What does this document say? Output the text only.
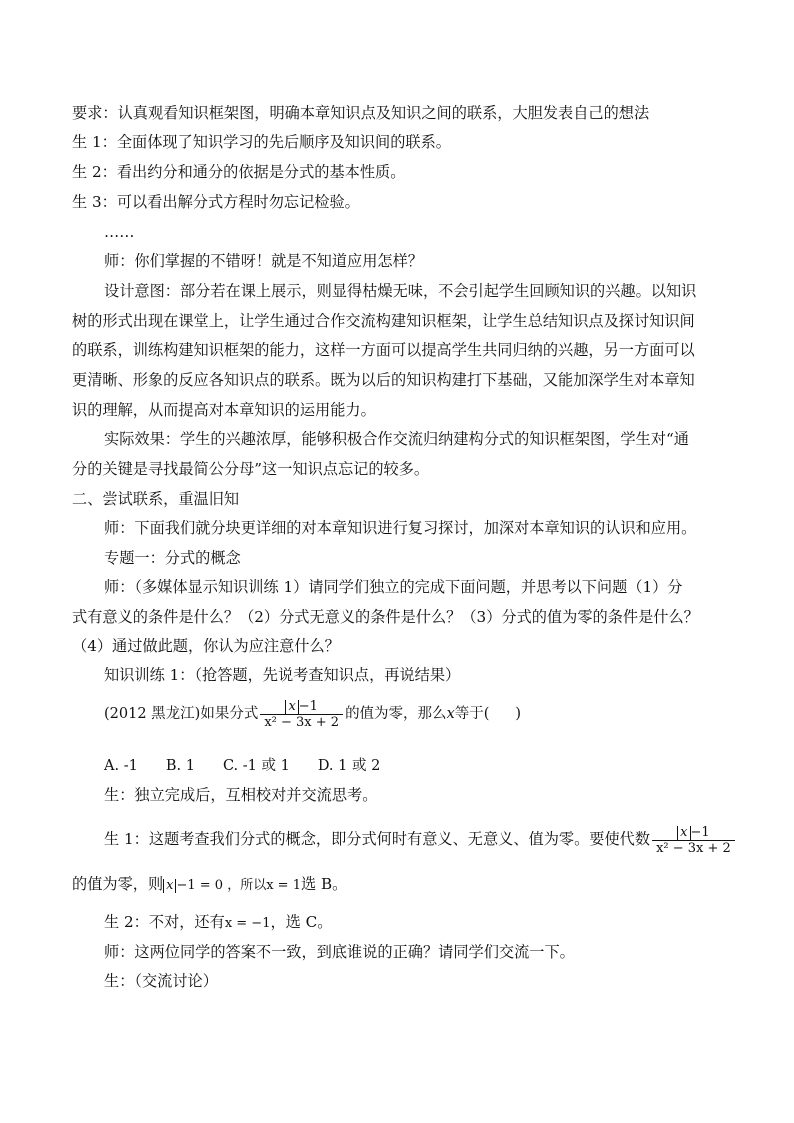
要求：认真观看知识框架图，明确本章知识点及知识之间的联系，大胆发表自己的想法
生 1：全面体现了知识学习的先后顺序及知识间的联系。
生 2：看出约分和通分的依据是分式的基本性质。
生 3：可以看出解分式方程时勿忘记检验。
……
师：你们掌握的不错呀！就是不知道应用怎样？
设计意图：部分若在课上展示，则显得枯燥无味，不会引起学生回顾知识的兴趣。以知识
树的形式出现在课堂上，让学生通过合作交流构建知识框架，让学生总结知识点及探讨知识间
的联系，训练构建知识框架的能力，这样一方面可以提高学生共同归纳的兴趣，另一方面可以
更清晰、形象的反应各知识点的联系。既为以后的知识构建打下基础，又能加深学生对本章知
识的理解，从而提高对本章知识的运用能力。
实际效果：学生的兴趣浓厚，能够积极合作交流归纳建构分式的知识框架图，学生对“通
分的关键是寻找最简公分母”这一知识点忘记的较多。
二、尝试联系，重温旧知
师：下面我们就分块更详细的对本章知识进行复习探讨，加深对本章知识的认识和应用。
专题一：分式的概念
师：（多媒体显示知识训练 1）请同学们独立的完成下面问题，并思考以下问题（1）分
式有意义的条件是什么？（2）分式无意义的条件是什么？（3）分式的值为零的条件是什么？
（4）通过做此题，你认为应注意什么？
知识训练 1：（抢答题，先说考查知识点，再说结果）
(2012 黑龙江)如果分式 $\frac{x -1}{\text{x² − 3x + 2}}$ 的值为零，那么x等于( )
A. -1 B. 1 C. -1 或 1 D. 1 或 2
生：独立完成后，互相校对并交流思考。
生 1：这题考查我们分式的概念，即分式何时有意义、无意义、值为零。要使代数 $\frac{x -1}{\text{x² − 3x + 2}}$
的值为零，则 x −1 = 0 ，所以x = 1选 B。
生 2：不对，还有x = −1，选 C。
师：这两位同学的答案不一致，到底谁说的正确？请同学们交流一下。
生：（交流讨论）
